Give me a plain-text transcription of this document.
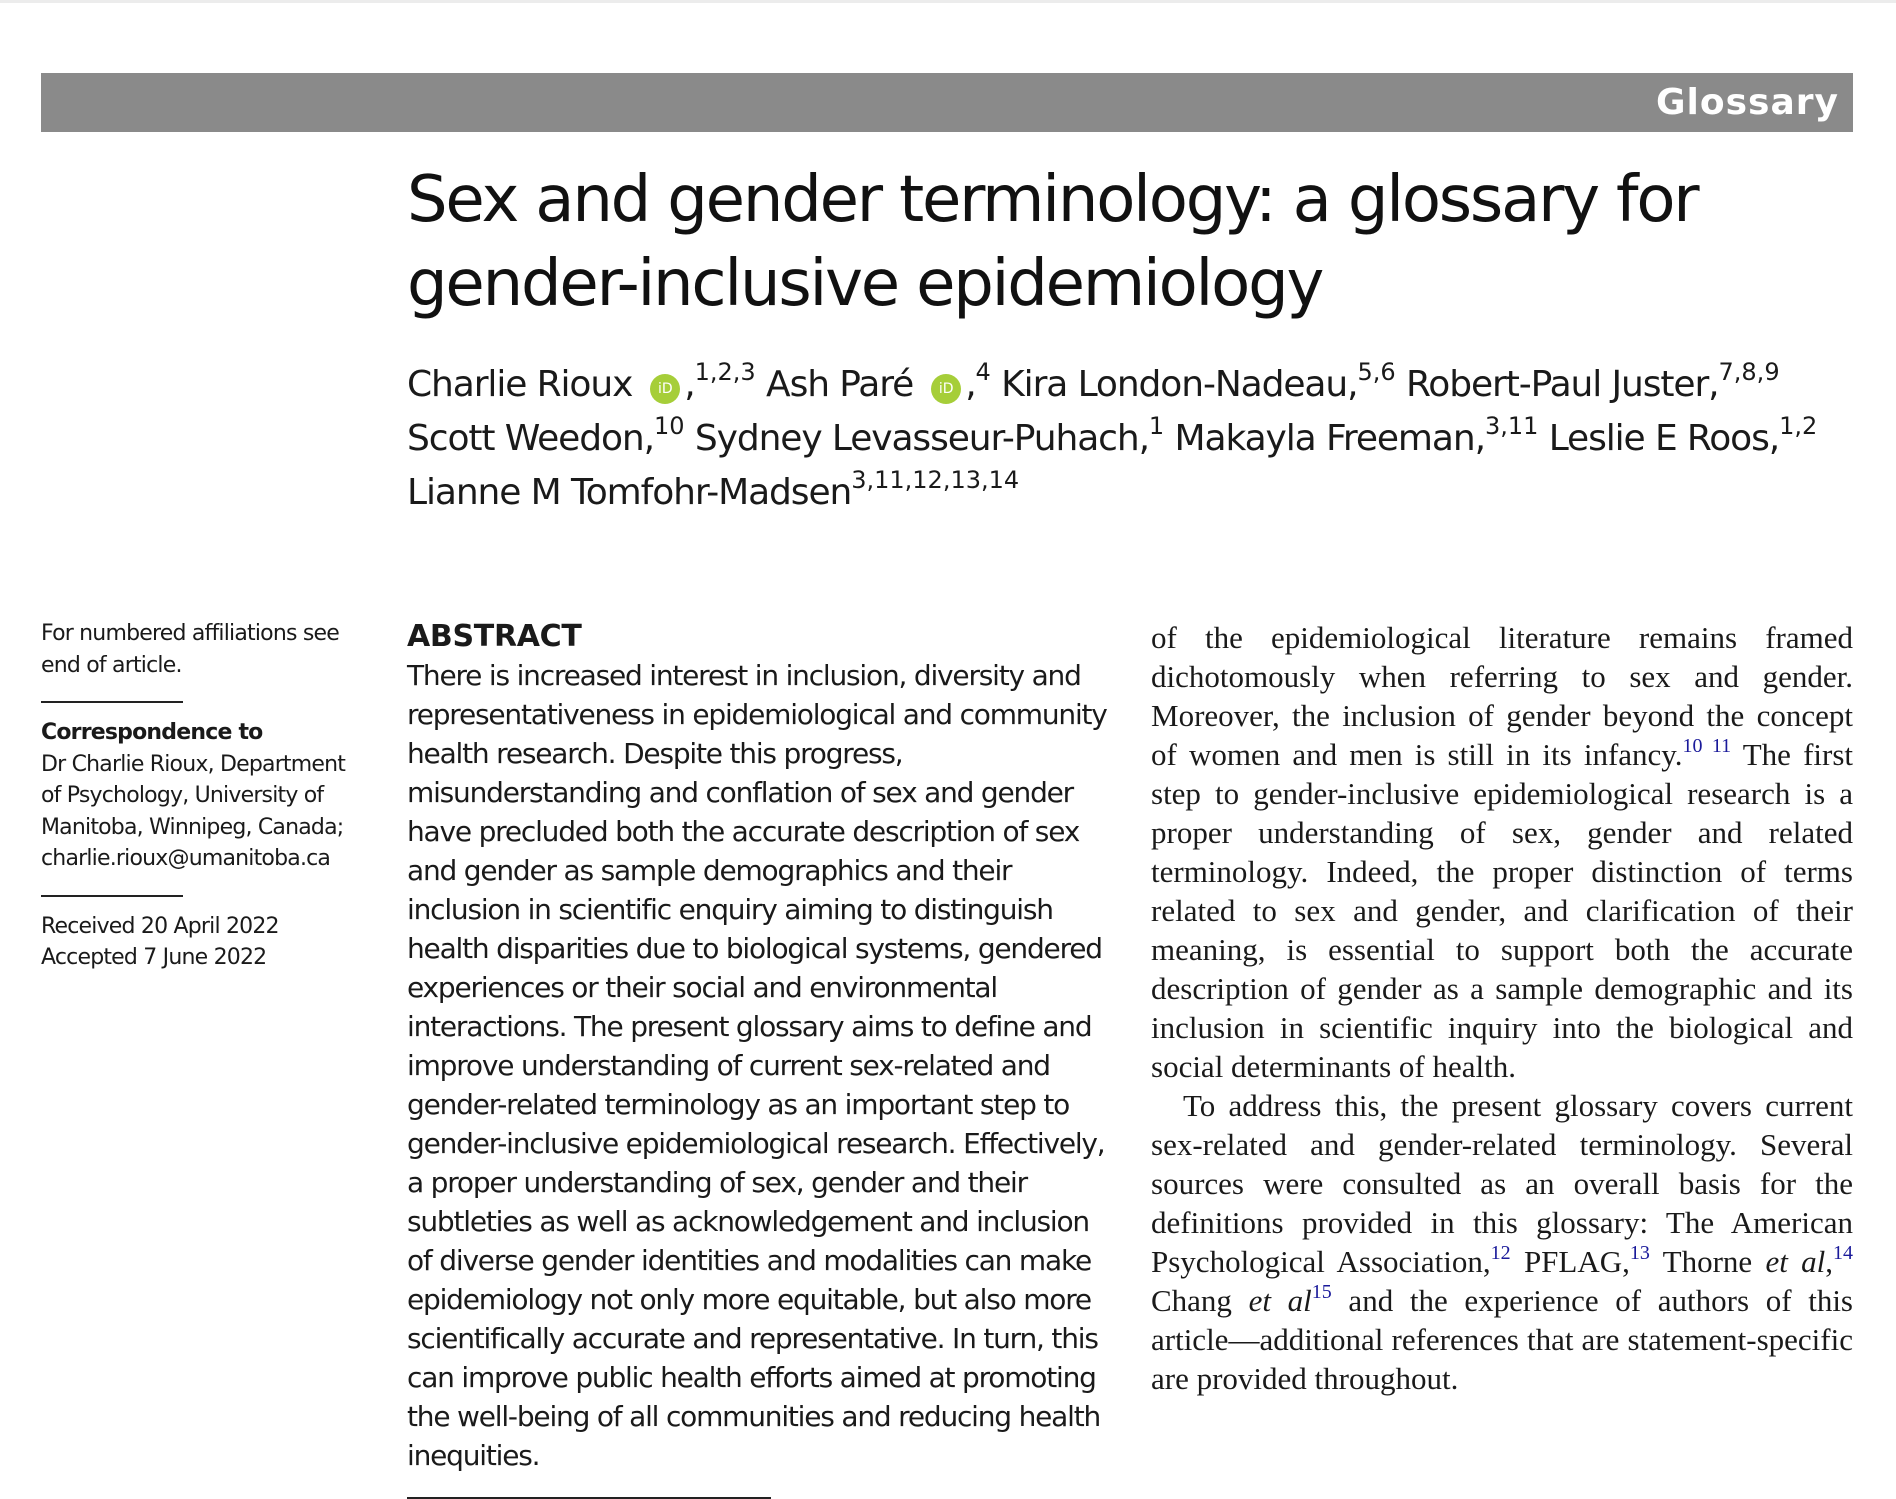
Glossary
Sex and gender terminology: a glossary for gender-inclusive epidemiology
Charlie Rioux iD ,$^{1,2,3}$ Ash Paré iD ,$^4$ Kira London-Nadeau,$^{5,6}$ Robert-Paul Juster,$^{7,8,9}$
Scott Weedon,$^{10}$ Sydney Levasseur-Puhach,$^1$ Makayla Freeman,$^{3,11}$ Leslie E Roos,$^{1,2}$
Lianne M Tomfohr-Madsen$^{3,11,12,13,14}$

For numbered affiliations see end of article.

Correspondence to

Dr Charlie Rioux, Department of Psychology, University of Manitoba, Winnipeg, Canada; charlie.rioux@umanitoba.ca

Received 20 April 2022

Accepted 7 June 2022

ABSTRACT

There is increased interest in inclusion, diversity and representativeness in epidemiological and community health research. Despite this progress, misunderstanding and conflation of sex and gender have precluded both the accurate description of sex and gender as sample demographics and their inclusion in scientific enquiry aiming to distinguish health disparities due to biological systems, gendered experiences or their social and environmental interactions. The present glossary aims to define and improve understanding of current sex-related and gender-related terminology as an important step to gender-inclusive epidemiological research. Effectively, a proper understanding of sex, gender and their subtleties as well as acknowledgement and inclusion of diverse gender identities and modalities can make epidemiology not only more equitable, but also more scientifically accurate and representative. In turn, this can improve public health efforts aimed at promoting the well-being of all communities and reducing health inequities.

of the epidemiological literature remains framed dichotomously when referring to sex and gender. Moreover, the inclusion of gender beyond the concept of women and men is still in its infancy.$^{10 11}$ The first step to gender-inclusive epidemiological research is a proper understanding of sex, gender and related terminology. Indeed, the proper distinction of terms related to sex and gender, and clarification of their meaning, is essential to support both the accurate description of gender as a sample demographic and its inclusion in scientific inquiry into the biological and social determinants of health.

To address this, the present glossary covers current sex-related and gender-related terminology. Several sources were consulted as an overall basis for the definitions provided in this glossary: The American Psychological Association,$^{12}$ PFLAG,$^{13}$ Thorne et al,$^{14}$ Chang et $al^{15}$ and the experience of authors of this article—additional references that are statement-specific are provided throughout.
